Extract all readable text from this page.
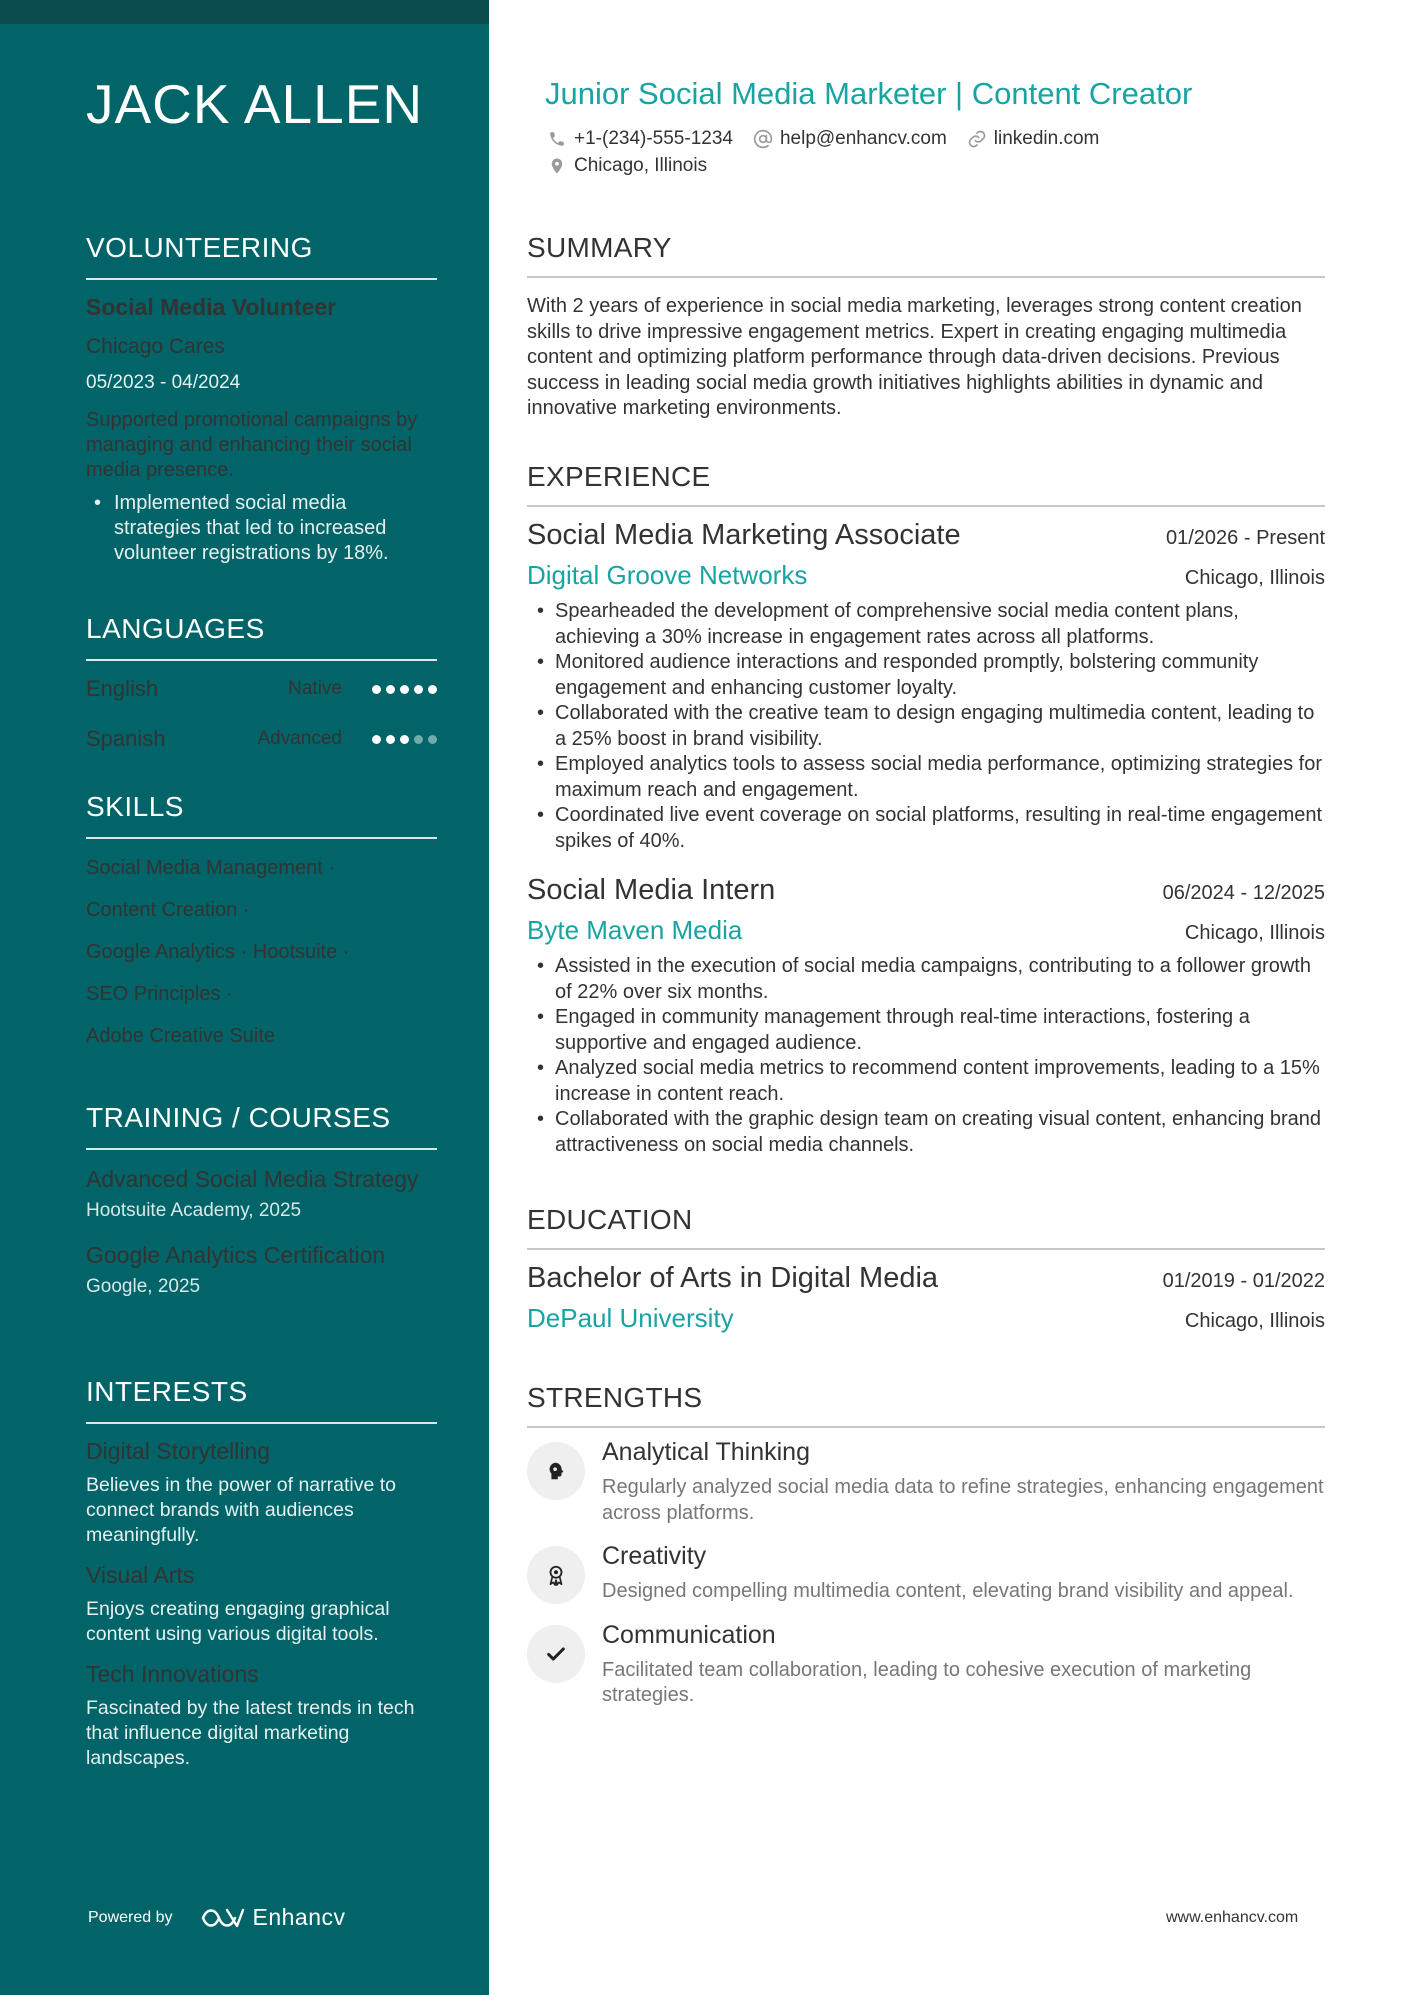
JACK ALLEN
VOLUNTEERING
Social Media Volunteer
Chicago Cares
05/2023 - 04/2024
Supported promotional campaigns by managing and enhancing their social media presence.
• Implemented social media strategies that led to increased volunteer registrations by 18%.
LANGUAGES
English	Native
Spanish	Advanced
SKILLS
Social Media Management ·
Content Creation ·
Google Analytics · Hootsuite ·
SEO Principles ·
Adobe Creative Suite
TRAINING / COURSES
Advanced Social Media Strategy
Hootsuite Academy, 2025
Google Analytics Certification
Google, 2025
INTERESTS
Digital Storytelling
Believes in the power of narrative to connect brands with audiences meaningfully.
Visual Arts
Enjoys creating engaging graphical content using various digital tools.
Tech Innovations
Fascinated by the latest trends in tech that influence digital marketing landscapes.
Powered by	Enhancv
Junior Social Media Marketer | Content Creator
+1-(234)-555-1234 help@enhancv.com linkedin.com
Chicago, Illinois
SUMMARY
With 2 years of experience in social media marketing, leverages strong content creation skills to drive impressive engagement metrics. Expert in creating engaging multimedia content and optimizing platform performance through data-driven decisions. Previous success in leading social media growth initiatives highlights abilities in dynamic and innovative marketing environments.
EXPERIENCE
Social Media Marketing Associate	01/2026 - Present
Digital Groove Networks	Chicago, Illinois
• Spearheaded the development of comprehensive social media content plans, achieving a 30% increase in engagement rates across all platforms.
• Monitored audience interactions and responded promptly, bolstering community engagement and enhancing customer loyalty.
• Collaborated with the creative team to design engaging multimedia content, leading to a 25% boost in brand visibility.
• Employed analytics tools to assess social media performance, optimizing strategies for maximum reach and engagement.
• Coordinated live event coverage on social platforms, resulting in real-time engagement spikes of 40%.
Social Media Intern	06/2024 - 12/2025
Byte Maven Media	Chicago, Illinois
• Assisted in the execution of social media campaigns, contributing to a follower growth of 22% over six months.
• Engaged in community management through real-time interactions, fostering a supportive and engaged audience.
• Analyzed social media metrics to recommend content improvements, leading to a 15% increase in content reach.
• Collaborated with the graphic design team on creating visual content, enhancing brand attractiveness on social media channels.
EDUCATION
Bachelor of Arts in Digital Media	01/2019 - 01/2022
DePaul University	Chicago, Illinois
STRENGTHS
Analytical Thinking
Regularly analyzed social media data to refine strategies, enhancing engagement across platforms.
Creativity
Designed compelling multimedia content, elevating brand visibility and appeal.
Communication
Facilitated team collaboration, leading to cohesive execution of marketing strategies.
www.enhancv.com
